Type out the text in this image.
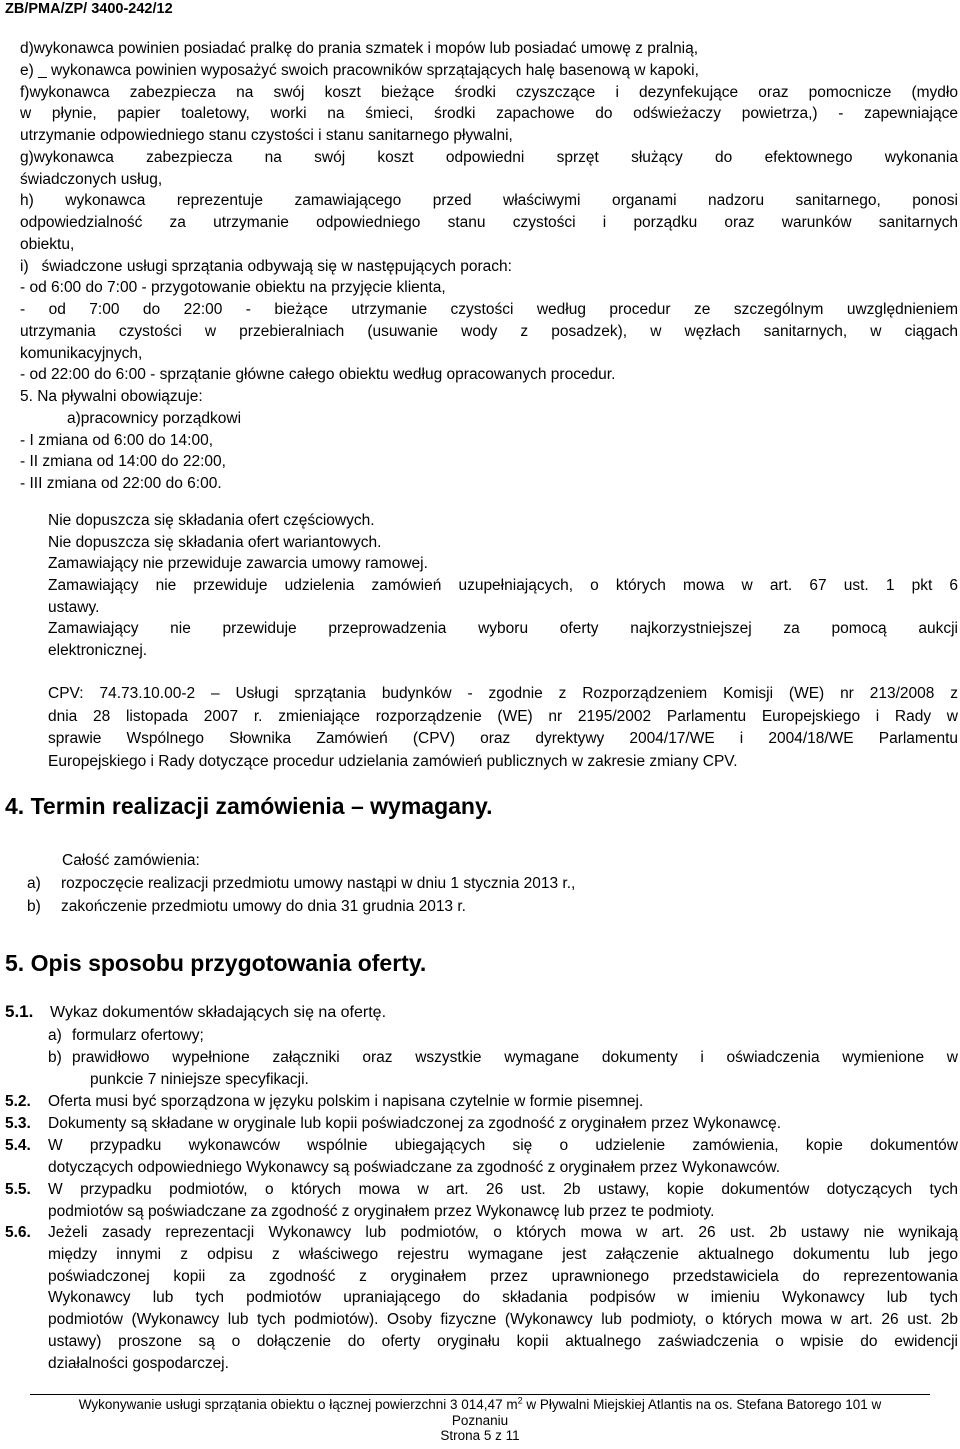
ZB/PMA/ZP/ 3400-242/12
d)wykonawca powinien posiadać pralkę do prania szmatek i mopów lub posiadać umowę z pralnią,
e) _ wykonawca powinien wyposażyć swoich pracowników sprzątających halę basenową w kapoki,
f)wykonawca zabezpiecza na swój koszt bieżące środki czyszczące i dezynfekujące oraz pomocnicze (mydło
w płynie, papier toaletowy, worki na śmieci, środki zapachowe do odświeżaczy powietrza,) - zapewniające
utrzymanie odpowiedniego stanu czystości i stanu sanitarnego pływalni,
g)wykonawca zabezpiecza na swój koszt odpowiedni sprzęt służący do efektownego wykonania
świadczonych usług,
h) wykonawca reprezentuje zamawiającego przed właściwymi organami nadzoru sanitarnego, ponosi
odpowiedzialność za utrzymanie odpowiedniego stanu czystości i porządku oraz warunków sanitarnych
obiektu,
i)   świadczone usługi sprzątania odbywają się w następujących porach:
- od 6:00 do 7:00 - przygotowanie obiektu na przyjęcie klienta,
- od 7:00 do 22:00 - bieżące utrzymanie czystości według procedur ze szczególnym uwzględnieniem
utrzymania czystości w przebieralniach (usuwanie wody z posadzek), w węzłach sanitarnych, w ciągach
komunikacyjnych,
- od 22:00 do 6:00 - sprzątanie główne całego obiektu według opracowanych procedur.
5. Na pływalni obowiązuje:
a)pracownicy porządkowi
- I zmiana od 6:00 do 14:00,
- II zmiana od 14:00 do 22:00,
- III zmiana od 22:00 do 6:00.
Nie dopuszcza się składania ofert częściowych.
Nie dopuszcza się składania ofert wariantowych.
Zamawiający nie przewiduje zawarcia umowy ramowej.
Zamawiający nie przewiduje udzielenia zamówień uzupełniających, o których mowa w art. 67 ust. 1 pkt 6
ustawy.
Zamawiający nie przewiduje przeprowadzenia wyboru oferty najkorzystniejszej za pomocą aukcji
elektronicznej.
CPV: 74.73.10.00-2 – Usługi sprzątania budynków - zgodnie z Rozporządzeniem Komisji (WE) nr 213/2008 z
dnia 28 listopada 2007 r. zmieniające rozporządzenie (WE) nr 2195/2002 Parlamentu Europejskiego i Rady w
sprawie Wspólnego Słownika Zamówień (CPV) oraz dyrektywy 2004/17/WE i 2004/18/WE Parlamentu
Europejskiego i Rady dotyczące procedur udzielania zamówień publicznych w zakresie zmiany CPV.
4. Termin realizacji zamówienia – wymagany.
Całość zamówienia:
a) rozpoczęcie realizacji przedmiotu umowy nastąpi w dniu 1 stycznia 2013 r.,
b) zakończenie przedmiotu umowy do dnia 31 grudnia 2013 r.
5. Opis sposobu przygotowania oferty.
5.1. Wykaz dokumentów składających się na ofertę.
a) formularz ofertowy;
b) prawidłowo wypełnione załączniki oraz wszystkie wymagane dokumenty i oświadczenia wymienione w
punkcie 7 niniejsze specyfikacji.
5.2. Oferta musi być sporządzona w języku polskim i napisana czytelnie w formie pisemnej.
5.3. Dokumenty są składane w oryginale lub kopii poświadczonej za zgodność z oryginałem przez Wykonawcę.
5.4. W przypadku wykonawców wspólnie ubiegających się o udzielenie zamówienia, kopie dokumentów
dotyczących odpowiedniego Wykonawcy są poświadczane za zgodność z oryginałem przez Wykonawców.
5.5. W przypadku podmiotów, o których mowa w art. 26 ust. 2b ustawy, kopie dokumentów dotyczących tych
podmiotów są poświadczane za zgodność z oryginałem przez Wykonawcę lub przez te podmioty.
5.6. Jeżeli zasady reprezentacji Wykonawcy lub podmiotów, o których mowa w art. 26 ust. 2b ustawy nie wynikają
między innymi z odpisu z właściwego rejestru wymagane jest załączenie aktualnego dokumentu lub jego
poświadczonej kopii za zgodność z oryginałem przez uprawnionego przedstawiciela do reprezentowania
Wykonawcy lub tych podmiotów upraniającego do składania podpisów w imieniu Wykonawcy lub tych
podmiotów (Wykonawcy lub tych podmiotów). Osoby fizyczne (Wykonawcy lub podmioty, o których mowa w art. 26 ust. 2b
ustawy) proszone są o dołączenie do oferty oryginału kopii aktualnego zaświadczenia o wpisie do ewidencji
działalności gospodarczej.
Wykonywanie usługi sprzątania obiektu o łącznej powierzchni 3 014,47 $m^2$ w Pływalni Miejskiej Atlantis na os. Stefana Batorego 101 w
Poznaniu
Strona 5 z 11
